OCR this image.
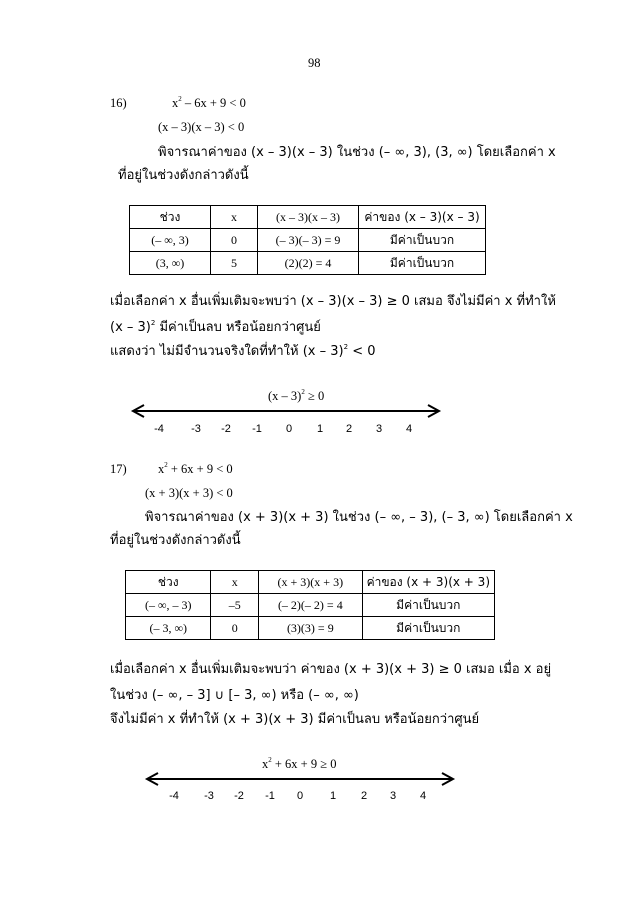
98
16)	$x^2 - 6x + 9 < 0$
(x – 3)(x – 3) < 0
พิจารณาค่าของ (x – 3)(x – 3) ในช่วง (– ∞, 3), (3, ∞) โดยเลือกค่า x
ที่อยู่ในช่วงดังกล่าวดังนี้
ช่วง	x	(x – 3)(x – 3)	ค่าของ (x – 3)(x – 3)
(– ∞, 3)	0	(– 3)(– 3) = 9	มีค่าเป็นบวก
(3, ∞)	5	(2)(2) = 4	มีค่าเป็นบวก
เมื่อเลือกค่า x อื่นเพิ่มเติมจะพบว่า (x – 3)(x – 3) ≥ 0 เสมอ จึงไม่มีค่า x ที่ทำให้
(x – 3)$^2$ มีค่าเป็นลบ หรือน้อยกว่าศูนย์
แสดงว่า ไม่มีจำนวนจริงใดที่ทำให้ (x – 3)$^2$ < 0
(x – 3)$^2$ ≥ 0
-4 -3 -2 -1 0 1 2 3 4
17)	$x^2 + 6x + 9 < 0$
(x + 3)(x + 3) < 0
พิจารณาค่าของ (x + 3)(x + 3) ในช่วง (– ∞, – 3), (– 3, ∞) โดยเลือกค่า x
ที่อยู่ในช่วงดังกล่าวดังนี้
ช่วง	x	(x + 3)(x + 3)	ค่าของ (x + 3)(x + 3)
(– ∞, – 3)	–5	(– 2)(– 2) = 4	มีค่าเป็นบวก
(– 3, ∞)	0	(3)(3) = 9	มีค่าเป็นบวก
เมื่อเลือกค่า x อื่นเพิ่มเติมจะพบว่า ค่าของ (x + 3)(x + 3) ≥ 0 เสมอ เมื่อ x อยู่
ในช่วง (– ∞, – 3] ∪ [– 3, ∞) หรือ (– ∞, ∞)
จึงไม่มีค่า x ที่ทำให้ (x + 3)(x + 3) มีค่าเป็นลบ หรือน้อยกว่าศูนย์
$x^2 + 6x + 9 \ge 0$
-4 -3 -2 -1 0 1 2 3 4
